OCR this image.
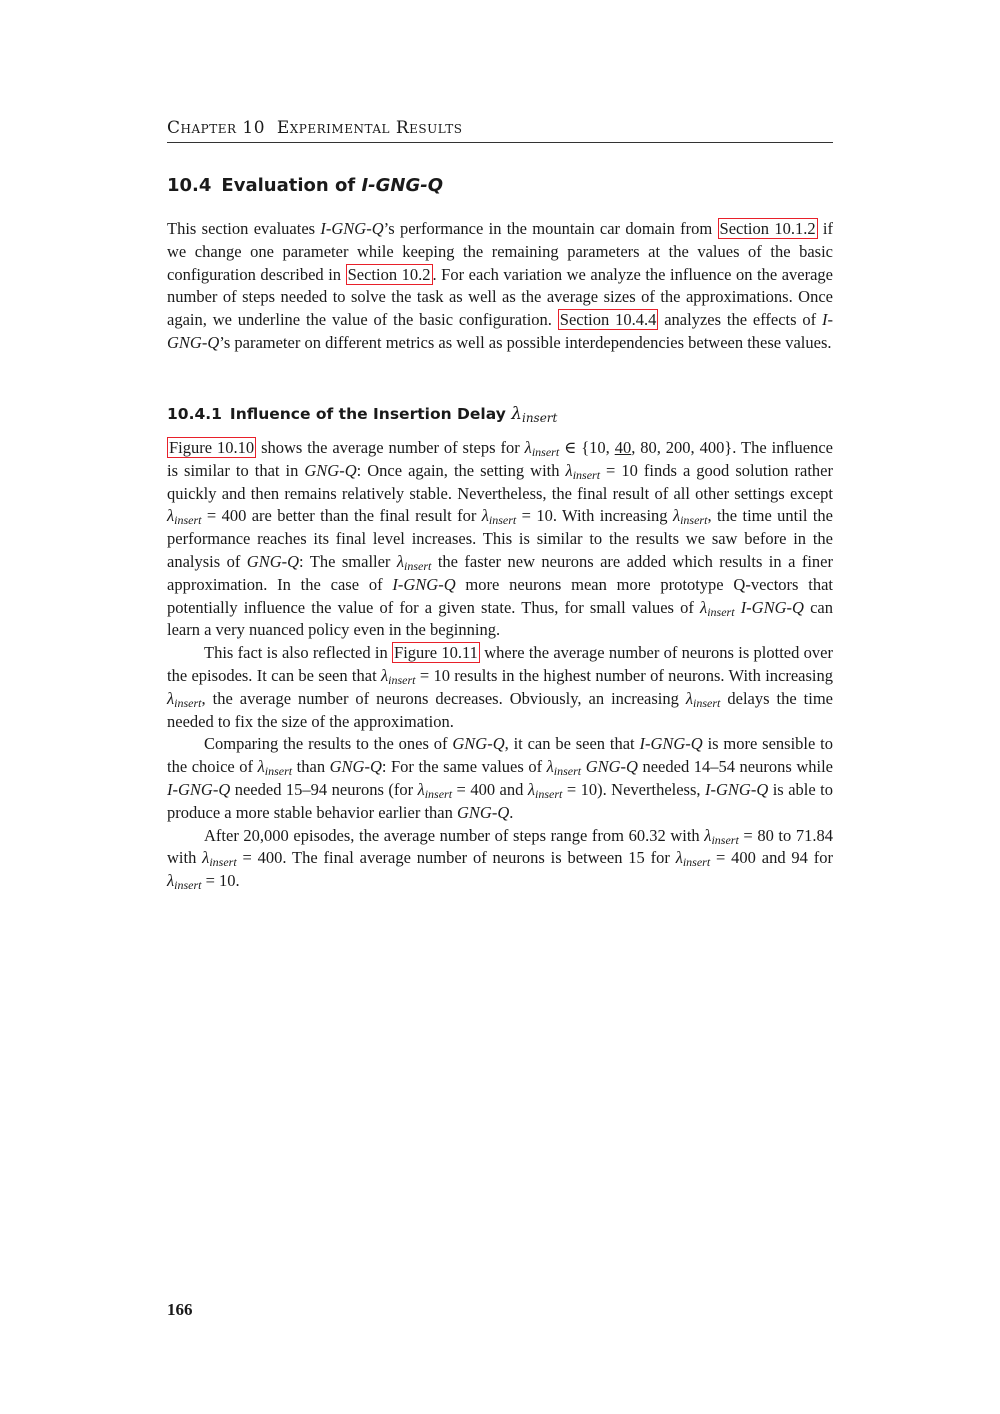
Chapter 10 Experimental Results
10.4 Evaluation of I-GNG-Q

This section evaluates I-GNG-Q’s performance in the mountain car domain from Section 10.1.2 if we change one parameter while keeping the remaining parameters at the values of the basic configuration described in Section 10.2 . For each variation we analyze the influence on the average number of steps needed to solve the task as well as the average sizes of the approximations. Once again, we underline the value of the basic configuration. Section 10.4.4 analyzes the effects of I-GNG-Q’s parameter on different metrics as well as possible interdependencies between these values.

10.4.1 Influence of the Insertion Delay $\lambda_{insert}$

Figure 10.10 shows the average number of steps for $\lambda_{insert}$ ∈ {10, 40, 80, 200, 400}. The influence is similar to that in GNG-Q: Once again, the setting with $\lambda_{insert} = 10$ finds a good solution rather quickly and then remains relatively stable. Nevertheless, the final result of all other settings except $\lambda_{insert} = 400$ are better than the final result for $\lambda_{insert} = 10$. With increasing $\lambda_{insert}$, the time until the performance reaches its final level increases. This is similar to the results we saw before in the analysis of GNG-Q: The smaller $\lambda_{insert}$ the faster new neurons are added which results in a finer approximation. In the case of I-GNG-Q more neurons mean more prototype Q-vectors that potentially influence the value of for a given state. Thus, for small values of $\lambda_{insert}$ I-GNG-Q can learn a very nuanced policy even in the beginning.

This fact is also reflected in Figure 10.11 where the average number of neurons is plotted over the episodes. It can be seen that $\lambda_{insert} = 10$ results in the highest number of neurons. With increasing $\lambda_{insert}$, the average number of neurons decreases. Obviously, an increasing $\lambda_{insert}$ delays the time needed to fix the size of the approximation.

Comparing the results to the ones of GNG-Q, it can be seen that I-GNG-Q is more sensible to the choice of $\lambda_{insert}$ than GNG-Q: For the same values of $\lambda_{insert}$ GNG-Q needed 14–54 neurons while I-GNG-Q needed 15–94 neurons (for $\lambda_{insert} = 400$ and $\lambda_{insert} = 10$). Nevertheless, I-GNG-Q is able to produce a more stable behavior earlier than GNG-Q.

After 20,000 episodes, the average number of steps range from 60.32 with $\lambda_{insert} = 80$ to 71.84 with $\lambda_{insert} = 400$. The final average number of neurons is between 15 for $\lambda_{insert} = 400$ and 94 for $\lambda_{insert} = 10$.

166
